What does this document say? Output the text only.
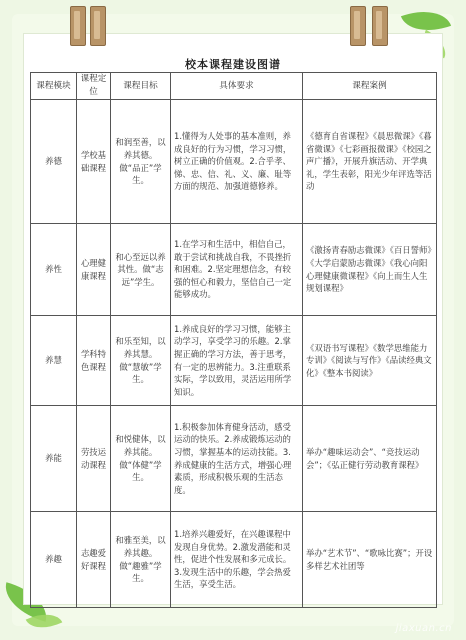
校本课程建设图谱
课程模块	课程定位	课程目标	具体要求	课程案例
养德	学校基础课程	和润至善，以养其德。做“品正”学生。	1.懂得为人处事的基本准则，养成良好的行为习惯，学习习惯，树立正确的价值观。2.合乎孝、悌、忠、信、礼、义、廉、耻等方面的规范、加强道德修养。	《德育自省课程》《晨思微课》《暮省微课》《七彩画报微课》《校园之声广播》，开展升旗活动、开学典礼，学生表彰，阳光少年评选等活动
养性	心理健康课程	和心至远以养其性。做“志远”学生。	1.在学习和生活中，相信自己，敢于尝试和挑战自我，不畏挫折和困难。2.坚定理想信念，有较强的恒心和毅力，坚信自己一定能够成功。	《激扬青春励志微课》《百日誓师》《大学启蒙励志微课》《我心向阳心理健康微课程》《向上而生人生规划课程》
养慧	学科特色课程	和乐至知，以养其慧。做“慧敏”学生。	1.养成良好的学习习惯，能够主动学习，享受学习的乐趣。2.掌握正确的学习方法，善于思考，有一定的思辨能力。3.注重联系实际，学以致用，灵活运用所学知识。	《双语书写课程》《数学思维能力专训》《阅读与写作》《品读经典文化》《整本书阅读》
养能	劳技运动课程	和悦健体，以养其能。做“体健”学生。	1.积极参加体育健身活动，感受运动的快乐。2.养成锻炼运动的习惯，掌握基本的运动技能。3.养成健康的生活方式，增强心理素质，形成积极乐观的生活态度。	举办“趣味运动会”、“竞技运动会”；《弘正健行劳动教育课程》
养趣	志趣爱好课程	和雅至美，以养其趣。做“趣雅”学生。	1.培养兴趣爱好，在兴趣课程中发现自身优势。2.激发潜能和灵性，促进个性发展和多元成长。3.发现生活中的乐趣，学会热爱生活，享受生活。	举办“艺术节”、“歌咏比赛”；开设多样艺术社团等
jiaxuan.cn
